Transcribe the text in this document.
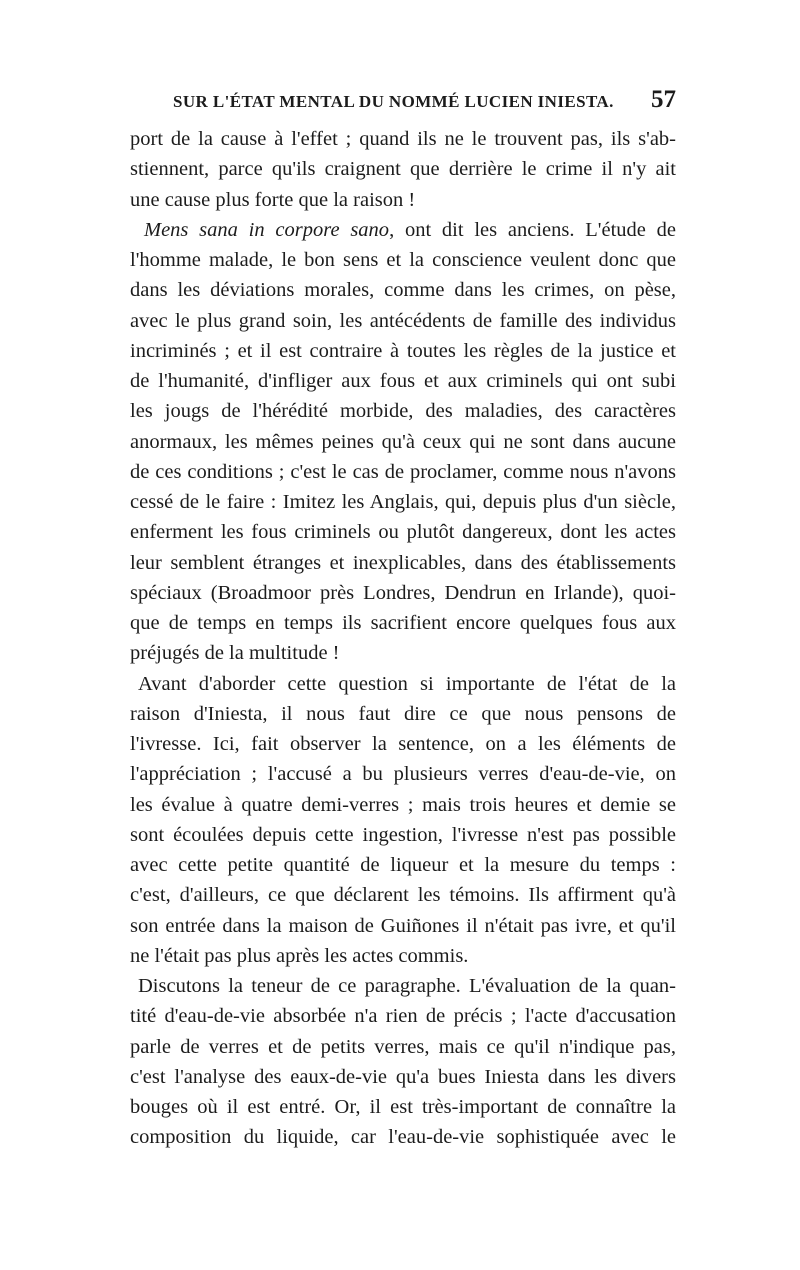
SUR L'ÉTAT MENTAL DU NOMMÉ LUCIEN INIESTA. 57
port de la cause à l'effet ; quand ils ne le trouvent pas, ils s'ab-
stiennent, parce qu'ils craignent que derrière le crime il n'y ait
une cause plus forte que la raison !
Mens sana in corpore sano, ont dit les anciens. L'étude de
l'homme malade, le bon sens et la conscience veulent donc que
dans les déviations morales, comme dans les crimes, on pèse,
avec le plus grand soin, les antécédents de famille des individus
incriminés ; et il est contraire à toutes les règles de la justice et
de l'humanité, d'infliger aux fous et aux criminels qui ont subi
les jougs de l'hérédité morbide, des maladies, des caractères
anormaux, les mêmes peines qu'à ceux qui ne sont dans aucune
de ces conditions ; c'est le cas de proclamer, comme nous n'avons
cessé de le faire : Imitez les Anglais, qui, depuis plus d'un siècle,
enferment les fous criminels ou plutôt dangereux, dont les actes
leur semblent étranges et inexplicables, dans des établissements
spéciaux (Broadmoor près Londres, Dendrun en Irlande), quoi-
que de temps en temps ils sacrifient encore quelques fous aux
préjugés de la multitude !
Avant d'aborder cette question si importante de l'état de la
raison d'Iniesta, il nous faut dire ce que nous pensons de
l'ivresse. Ici, fait observer la sentence, on a les éléments de
l'appréciation ; l'accusé a bu plusieurs verres d'eau-de-vie, on
les évalue à quatre demi-verres ; mais trois heures et demie se
sont écoulées depuis cette ingestion, l'ivresse n'est pas possible
avec cette petite quantité de liqueur et la mesure du temps :
c'est, d'ailleurs, ce que déclarent les témoins. Ils affirment qu'à
son entrée dans la maison de Guiñones il n'était pas ivre, et qu'il
ne l'était pas plus après les actes commis.
Discutons la teneur de ce paragraphe. L'évaluation de la quan-
tité d'eau-de-vie absorbée n'a rien de précis ; l'acte d'accusation
parle de verres et de petits verres, mais ce qu'il n'indique pas,
c'est l'analyse des eaux-de-vie qu'a bues Iniesta dans les divers
bouges où il est entré. Or, il est très-important de connaître la
composition du liquide, car l'eau-de-vie sophistiquée avec le
